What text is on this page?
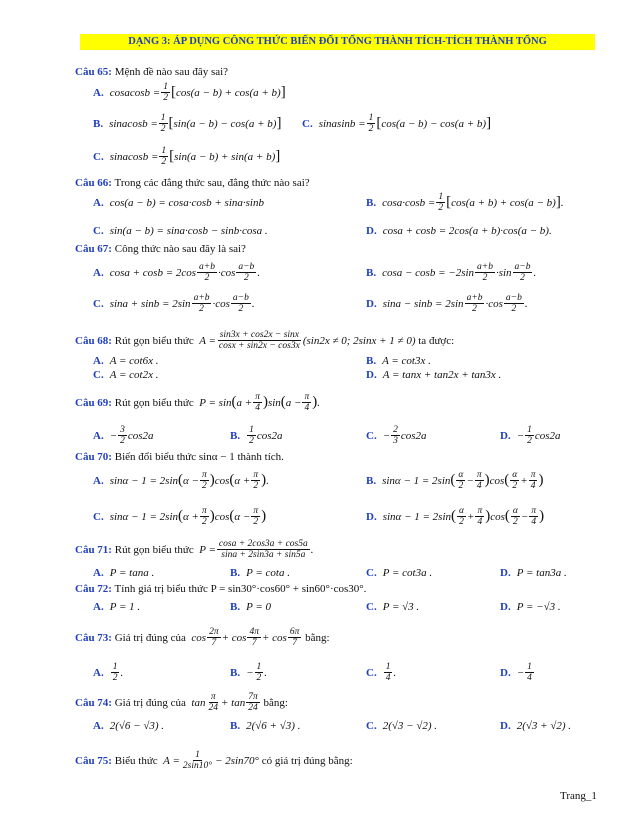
DẠNG 3: ÁP DỤNG CÔNG THỨC BIẾN ĐỔI TỔNG THÀNH TÍCH-TÍCH THÀNH TỔNG
Câu 65: Mệnh đề nào sau đây sai?
A. cosacosb = $\frac{1}{2}$ [ cos(a − b) + cos(a + b) ]
B. sinacosb = $\frac{1}{2}$ [ sin(a − b) − cos(a + b) ] C. sinasinb = $\frac{1}{2}$ [ cos(a − b) − cos(a + b) ]
C. sinacosb = $\frac{1}{2}$ [ sin(a − b) + sin(a + b) ]
Câu 66: Trong các đẳng thức sau, đẳng thức nào sai?
A. cos(a − b) = cosa·cosb + sina·sinb	B. $\cos a\cdot\cos b = \frac{1}{2}$ [ cos(a + b) + cos(a − b) ] .
C. sin(a − b) = sina·cosb − sinb·cosa .	D. cosa + cosb = 2cos(a + b)·cos(a − b).
Câu 67: Công thức nào sau đây là sai?
A. $\cos a + \cos b = 2\cos \frac{a+b}{2} \cdot\cos \frac{a-b}{2}$ .	B. $\cos a - \cos b = -2\sin \frac{a+b}{2} \cdot\sin \frac{a-b}{2}$ .
C. $\sin a + \sin b = 2\sin \frac{a+b}{2} \cdot\cos \frac{a-b}{2}$ .	D. $\sin a - \sin b = 2\sin \frac{a+b}{2} \cdot\cos \frac{a-b}{2}$ .
Câu 68:
Rút gọn biểu thức
$A = \frac{\sin 3x + \cos 2x - \sin x}{\cos x + \sin 2x - \cos 3x} (\sin 2x \ne 0$; 2sinx + 1 ≠ 0)
ta được:
A. A = cot6x .	B. A = cot3x .
C. A = cot2x .	D. A = tanx + tan2x + tan3x .
Câu 69:
Rút gọn biểu thức
P = sin ( $a + \frac{\pi}{4}$ ) sin ( $a - \frac{\pi}{4}$ ) .
A. − $\frac{3}{2} \cos 2a$	B. $\frac{1}{2} \cos 2a$	C. − $\frac{2}{3} \cos 2a$	D. − $\frac{1}{2} \cos 2a$
Câu 70: Biến đổi biểu thức sinα − 1 thành tích.
A. sinα − 1 = 2sin ( $\alpha - \frac{\pi}{2}$ ) cos ( $\alpha + \frac{\pi}{2}$ ) .	B. sinα − 1 = 2sin ( $\frac{\alpha}{2} - \frac{\pi}{4}$ ) cos ( $\frac{\alpha}{2} + \frac{\pi}{4}$ )
C. sinα − 1 = 2sin ( $\alpha + \frac{\pi}{2}$ ) cos ( $\alpha - \frac{\pi}{2}$ )	D. sinα − 1 = 2sin ( $\frac{\alpha}{2} + \frac{\pi}{4}$ ) cos ( $\frac{\alpha}{2} - \frac{\pi}{4}$ )
Câu 71:
Rút gọn biểu thức
$P = \frac{\cos a + 2\cos 3a + \cos 5a}{\sin a + 2\sin 3a + \sin 5a}$ .
A. P = tana .	B. P = cota .	C. P = cot3a .	D. P = tan3a .
Câu 72: Tính giá trị biểu thức P = sin30°·cos60° + sin60°·cos30°.
A. P = 1 .	B. P = 0	C. P = √3 .	D. P = −√3 .
Câu 73:
Giá trị đúng của
$\cos \frac{2\pi}{7} + \cos \frac{4\pi}{7} + \cos \frac{6\pi}{7}$
bằng:
A. $\frac{1}{2}$ .	B. − $\frac{1}{2}$ .	C. $\frac{1}{4}$ .	D. − $\frac{1}{4}$
Câu 74:
Giá trị đúng của
$\tan \frac{\pi}{24} + \tan \frac{7\pi}{24}$
bằng:
A. 2(√6 − √3) .	B. 2(√6 + √3) .	C. 2(√3 − √2) .	D. 2(√3 + √2) .
Câu 75:
Biểu thức
$A = \frac{1}{2\sin 10^\circ} - 2\sin 70^\circ$
có giá trị đúng bằng:
Trang_1
